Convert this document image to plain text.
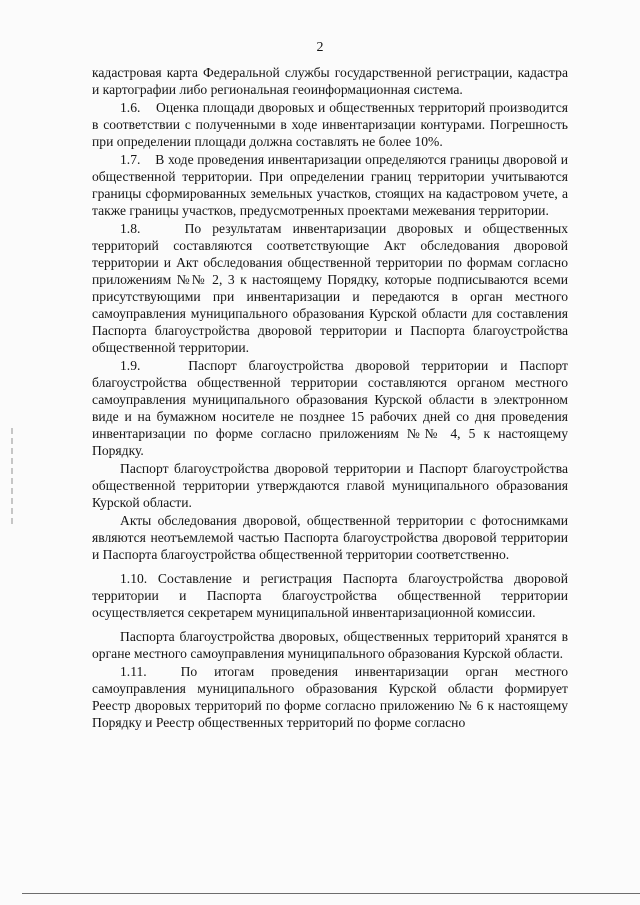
2

кадастровая карта Федеральной службы государственной регистрации, кадастра и картографии либо региональная геоинформационная система.

1.6.    Оценка площади дворовых и общественных территорий производится в соответствии с полученными в ходе инвентаризации контурами. Погрешность при определении площади должна составлять не более 10%.

1.7.    В ходе проведения инвентаризации определяются границы дворовой и общественной территории. При определении границ территории учитываются границы сформированных земельных участков, стоящих на кадастровом учете, а также границы участков, предусмотренных проектами межевания территории.

1.8.    По результатам инвентаризации дворовых и общественных территорий составляются соответствующие Акт обследования дворовой территории и Акт обследования общественной территории по формам согласно приложениям №№ 2, 3 к настоящему Порядку, которые подписываются всеми присутствующими при инвентаризации и передаются в орган местного самоуправления муниципального образования Курской области для составления Паспорта благоустройства дворовой территории и Паспорта благоустройства общественной территории.

1.9.    Паспорт благоустройства дворовой территории и Паспорт благоустройства общественной территории составляются органом местного самоуправления муниципального образования Курской области в электронном виде и на бумажном носителе не позднее 15 рабочих дней со дня проведения инвентаризации по форме согласно приложениям №№ 4, 5 к настоящему Порядку.

Паспорт благоустройства дворовой территории и Паспорт благоустройства общественной территории утверждаются главой муниципального образования Курской области.

Акты обследования дворовой, общественной территории с фотоснимками являются неотъемлемой частью Паспорта благоустройства дворовой территории и Паспорта благоустройства общественной территории соответственно.

1.10. Составление и регистрация Паспорта благоустройства дворовой территории и Паспорта благоустройства общественной территории осуществляется секретарем муниципальной инвентаризационной комиссии.

Паспорта благоустройства дворовых, общественных территорий хранятся в органе местного самоуправления муниципального образования Курской области.

1.11.  По итогам проведения инвентаризации орган местного самоуправления муниципального образования Курской области формирует Реестр дворовых территорий по форме согласно приложению № 6 к настоящему Порядку и Реестр общественных территорий по форме согласно
